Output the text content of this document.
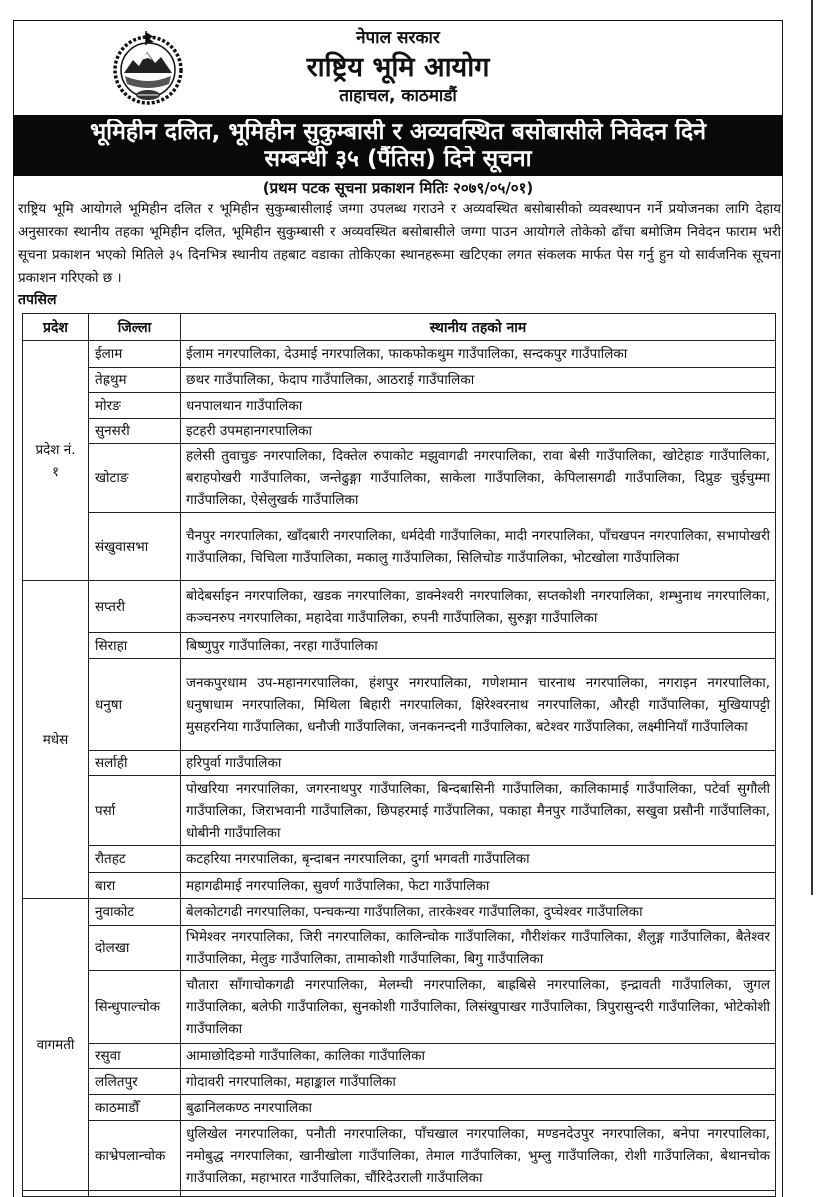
नेपाल सरकार
राष्ट्रिय भूमि आयोग
ताहाचल, काठमाडौं
भूमिहीन दलित, भूमिहीन सुकुम्बासी र अव्यवस्थित बसोबासीले निवेदन दिने
सम्बन्धी ३५ (पैंतिस) दिने सूचना
(प्रथम पटक सूचना प्रकाशन मितिः २०७९/०५/०१)
राष्ट्रिय भूमि आयोगले भूमिहीन दलित र भूमिहीन सुकुम्बासीलाई जग्गा उपलब्ध गराउने र अव्यवस्थित बसोबासीको व्यवस्थापन गर्ने प्रयोजनका लागि देहाय अनुसारका स्थानीय तहका भूमिहीन दलित, भूमिहीन सुकुम्बासी र अव्यवस्थित बसोबासीले जग्गा पाउन आयोगले तोकेको ढाँचा बमोजिम निवेदन फाराम भरी सूचना प्रकाशन भएको मितिले ३५ दिनभित्र स्थानीय तहबाट वडाका तोकिएका स्थानहरूमा खटिएका लगत संकलक मार्फत पेस गर्नु हुन यो सार्वजनिक सूचना प्रकाशन गरिएको छ ।
तपसिल
प्रदेश	जिल्ला	स्थानीय तहको नाम

प्रदेश नं.
१	ईलाम	ईलाम नगरपालिका, देउमाई नगरपालिका, फाकफोकथुम गाउँपालिका, सन्दकपुर गाउँपालिका

तेह्रथुम	छथर गाउँपालिका, फेदाप गाउँपालिका, आठराई गाउँपालिका

मोरङ	धनपालथान गाउँपालिका

सुनसरी	इटहरी उपमहानगरपालिका

खोटाङ	हलेसी तुवाचुङ नगरपालिका, दिक्तेल रुपाकोट मझुवागढी नगरपालिका, रावा बेसी गाउँपालिका, खोटेहाङ गाउँपालिका, बराहपोखरी गाउँपालिका, जन्तेढुङ्गा गाउँपालिका, साकेला गाउँपालिका, केपिलासगढी गाउँपालिका, दिप्रुङ चुईचुम्मा गाउँपालिका, ऐसेलुखर्क गाउँपालिका

संखुवासभा	चैनपुर नगरपालिका, खाँदबारी नगरपालिका, धर्मदेवी गाउँपालिका, मादी नगरपालिका, पाँचखपन नगरपालिका, सभापोखरी गाउँपालिका, चिचिला गाउँपालिका, मकालु गाउँपालिका, सिलिचोङ गाउँपालिका, भोटखोला गाउँपालिका

मधेस	सप्तरी	बोदेबर्साइन नगरपालिका, खडक नगरपालिका, डाक्नेश्वरी नगरपालिका, सप्तकोशी नगरपालिका, शम्भुनाथ नगरपालिका, कञ्चनरुप नगरपालिका, महादेवा गाउँपालिका, रुपनी गाउँपालिका, सुरुङ्गा गाउँपालिका

सिराहा	बिष्णुपुर गाउँपालिका, नरहा गाउँपालिका

धनुषा	जनकपुरधाम उप-महानगरपालिका, हंशपुर नगरपालिका, गणेशमान चारनाथ नगरपालिका, नगराइन नगरपालिका, धनुषाधाम नगरपालिका, मिथिला बिहारी नगरपालिका, क्षिरेश्वरनाथ नगरपालिका, औरही गाउँपालिका, मुखियापट्टी मुसहरनिया गाउँपालिका, धनौजी गाउँपालिका, जनकनन्दनी गाउँपालिका, बटेश्वर गाउँपालिका, लक्ष्मीनियाँ गाउँपालिका

सर्लाही	हरिपुर्वा गाउँपालिका

पर्सा	पोखरिया नगरपालिका, जगरनाथपुर गाउँपालिका, बिन्दबासिनी गाउँपालिका, कालिकामाई गाउँपालिका, पटेर्वा सुगौली गाउँपालिका, जिराभवानी गाउँपालिका, छिपहरमाई गाउँपालिका, पकाहा मैनपुर गाउँपालिका, सखुवा प्रसौनी गाउँपालिका, धोबीनी गाउँपालिका

रौतहट	कटहरिया नगरपालिका, बृन्दाबन नगरपालिका, दुर्गा भगवती गाउँपालिका

बारा	महागढीमाई नगरपालिका, सुवर्ण गाउँपालिका, फेटा गाउँपालिका

वागमती	नुवाकोट	बेलकोटगढी नगरपालिका, पन्चकन्या गाउँपालिका, तारकेश्वर गाउँपालिका, दुप्चेश्वर गाउँपालिका

दोलखा	भिमेश्वर नगरपालिका, जिरी नगरपालिका, कालिन्चोक गाउँपालिका, गौरीशंकर गाउँपालिका, शैलुङ्ग गाउँपालिका, बैतेश्वर गाउँपालिका, मेलुङ गाउँपालिका, तामाकोशी गाउँपालिका, बिगु गाउँपालिका

सिन्धुपाल्चोक	चौतारा साँगाचोकगढी नगरपालिका, मेलम्ची नगरपालिका, बाह्रबिसे नगरपालिका, इन्द्रावती गाउँपालिका, जुगल गाउँपालिका, बलेफी गाउँपालिका, सुनकोशी गाउँपालिका, लिसंखुपाखर गाउँपालिका, त्रिपुरासुन्दरी गाउँपालिका, भोटेकोशी गाउँपालिका

रसुवा	आमाछोदिङमो गाउँपालिका, कालिका गाउँपालिका

ललितपुर	गोदावरी नगरपालिका, महाङ्काल गाउँपालिका

काठमाडौँ	बुढानिलकण्ठ नगरपालिका

काभ्रेपलान्चोक	धुलिखेल नगरपालिका, पनौती नगरपालिका, पाँचखाल नगरपालिका, मण्डनदेउपुर नगरपालिका, बनेपा नगरपालिका, नमोबुद्ध नगरपालिका, खानीखोला गाउँपालिका, तेमाल गाउँपालिका, भुम्लु गाउँपालिका, रोशी गाउँपालिका, बेथानचोक गाउँपालिका, महाभारत गाउँपालिका, चौंरिदेउराली गाउँपालिका
